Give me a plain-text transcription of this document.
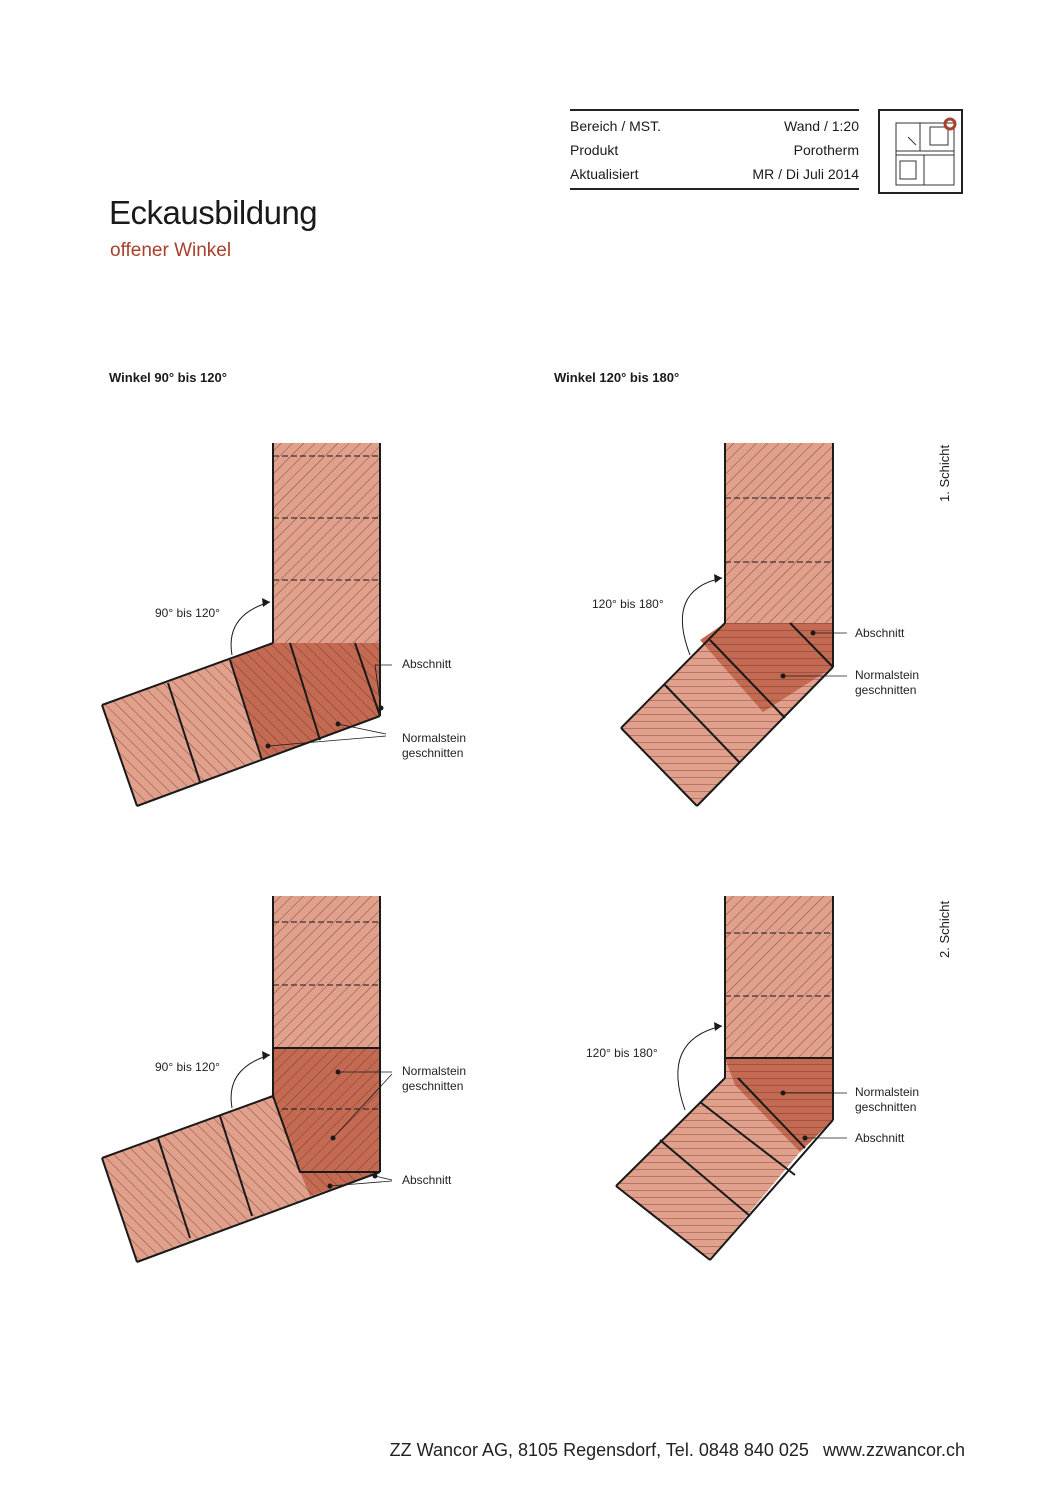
Bereich / MST.	Wand / 1:20
Produkt	Porotherm
Aktualisiert	MR / Di Juli 2014
Eckausbildung
offener Winkel
Winkel 90° bis 120°	Winkel 120° bis 180°
1. Schicht
2. Schicht
90° bis 120°
Abschnitt
Normalstein
geschnitten
120° bis 180°
Abschnitt
Normalstein
geschnitten
90° bis 120°	Normalstein
geschnitten
Abschnitt
120° bis 180°
Normalstein
geschnitten
Abschnitt
ZZ Wancor AG, 8105 Regensdorf, Tel. 0848 840 025 www.zzwancor.ch
